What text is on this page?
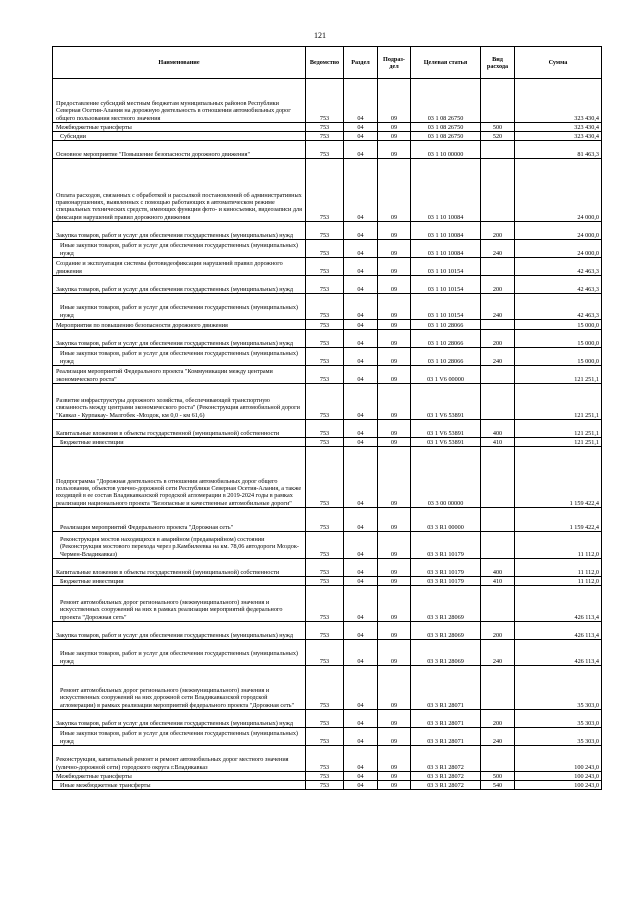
121
Наименование	Ведомство	Раздел	Подраз-дел	Целевая статья	Вид расхода	Сумма
Предоставление субсидий местным бюджетам муниципальных районов Республики Северная Осетия-Алания на дорожную деятельность в отношении автомобильных дорог общего пользования местного значения	753	04	09	03 1 08 26750		323 430,4
Межбюджетные трансферты	753	04	09	03 1 08 26750	500	323 430,4
Субсидии	753	04	09	03 1 08 26750	520	323 430,4
Основное мероприятие "Повышение безопасности дорожного движения"	753	04	09	03 1 10 00000		81 463,3
Оплата расходов, связанных с обработкой и рассылкой постановлений об административных правонарушениях, выявленных с помощью работающих в автоматическом режиме специальных технических средств, имеющих функции фото- и киносъемки, видеозаписи для фиксации нарушений правил дорожного движения	753	04	09	03 1 10 10084		24 000,0
Закупка товаров, работ и услуг для обеспечения государственных (муниципальных) нужд	753	04	09	03 1 10 10084	200	24 000,0
Иные закупки товаров, работ и услуг для обеспечения государственных (муниципальных) нужд	753	04	09	03 1 10 10084	240	24 000,0
Создание и эксплуатация системы фотовидеофиксации нарушений правил дорожного движения	753	04	09	03 1 10 10154		42 463,3
Закупка товаров, работ и услуг для обеспечения государственных (муниципальных) нужд	753	04	09	03 1 10 10154	200	42 463,3
Иные закупки товаров, работ и услуг для обеспечения государственных (муниципальных) нужд	753	04	09	03 1 10 10154	240	42 463,3
Мероприятия по повышению безопасности дорожного движения	753	04	09	03 1 10 28066		15 000,0
Закупка товаров, работ и услуг для обеспечения государственных (муниципальных) нужд	753	04	09	03 1 10 28066	200	15 000,0
Иные закупки товаров, работ и услуг для обеспечения государственных (муниципальных) нужд	753	04	09	03 1 10 28066	240	15 000,0
Реализация мероприятий Федерального проекта "Коммуникации между центрами экономического роста"	753	04	09	03 1 V6 00000		121 251,1
Развитие инфраструктуры дорожного хозяйства, обеспечивающей транспортную связанность между центрами экономического роста" (Реконструкция автомобильной дороги "Кавказ - Курпакау- Малгобек -Моздок, км 0,0 - км 61,6)	753	04	09	03 1 V6 53891		121 251,1
Капитальные вложения в объекты государственной (муниципальной) собственности	753	04	09	03 1 V6 53891	400	121 251,1
Бюджетные инвестиции	753	04	09	03 1 V6 53891	410	121 251,1
Подпрограмма "Дорожная деятельность в отношении автомобильных дорог общего пользования, объектов улично-дорожной сети Республики Северная Осетия-Алания, а также входящей в ее состав Владикавказской городской агломерации в 2019-2024 годы в рамках реализации национального проекта "Безопасные и качественные автомобильные дороги"	753	04	09	03 3 00 00000		1 159 422,4
Реализация мероприятий Федерального проекта "Дорожная сеть"	753	04	09	03 3 R1 00000		1 159 422,4
Реконструкция мостов находящихся в аварийном (предаварийном) состоянии (Реконструкция мостового перехода через р.Камбилеевка на км. 78,06 автодороги Моздок-Чермен-Владикавказ)	753	04	09	03 3 R1 10179		11 112,0
Капитальные вложения в объекты государственной (муниципальной) собственности	753	04	09	03 3 R1 10179	400	11 112,0
Бюджетные инвестиции	753	04	09	03 3 R1 10179	410	11 112,0
Ремонт автомобильных дорог регионального (межмуниципального) значения и искусственных сооружений на них в рамках реализации мероприятий федерального проекта "Дорожная сеть"	753	04	09	03 3 R1 28069		426 113,4
Закупка товаров, работ и услуг для обеспечения государственных (муниципальных) нужд	753	04	09	03 3 R1 28069	200	426 113,4
Иные закупки товаров, работ и услуг для обеспечения государственных (муниципальных) нужд	753	04	09	03 3 R1 28069	240	426 113,4
Ремонт автомобильных дорог регионального (межмуниципального) значения и искусственных сооружений на них дорожной сети Владикавказской городской агломерации) в рамках реализации мероприятий федерального проекта "Дорожная сеть"	753	04	09	03 3 R1 28071		35 303,0
Закупка товаров, работ и услуг для обеспечения государственных (муниципальных) нужд	753	04	09	03 3 R1 28071	200	35 303,0
Иные закупки товаров, работ и услуг для обеспечения государственных (муниципальных) нужд	753	04	09	03 3 R1 28071	240	35 303,0
Реконструкция, капитальный ремонт и ремонт автомобильных дорог местного значения (улично-дорожной сети) городского округа г.Владикавказ	753	04	09	03 3 R1 28072		100 243,0
Межбюджетные трансферты	753	04	09	03 3 R1 28072	500	100 243,0
Иные межбюджетные трансферты	753	04	09	03 3 R1 28072	540	100 243,0
